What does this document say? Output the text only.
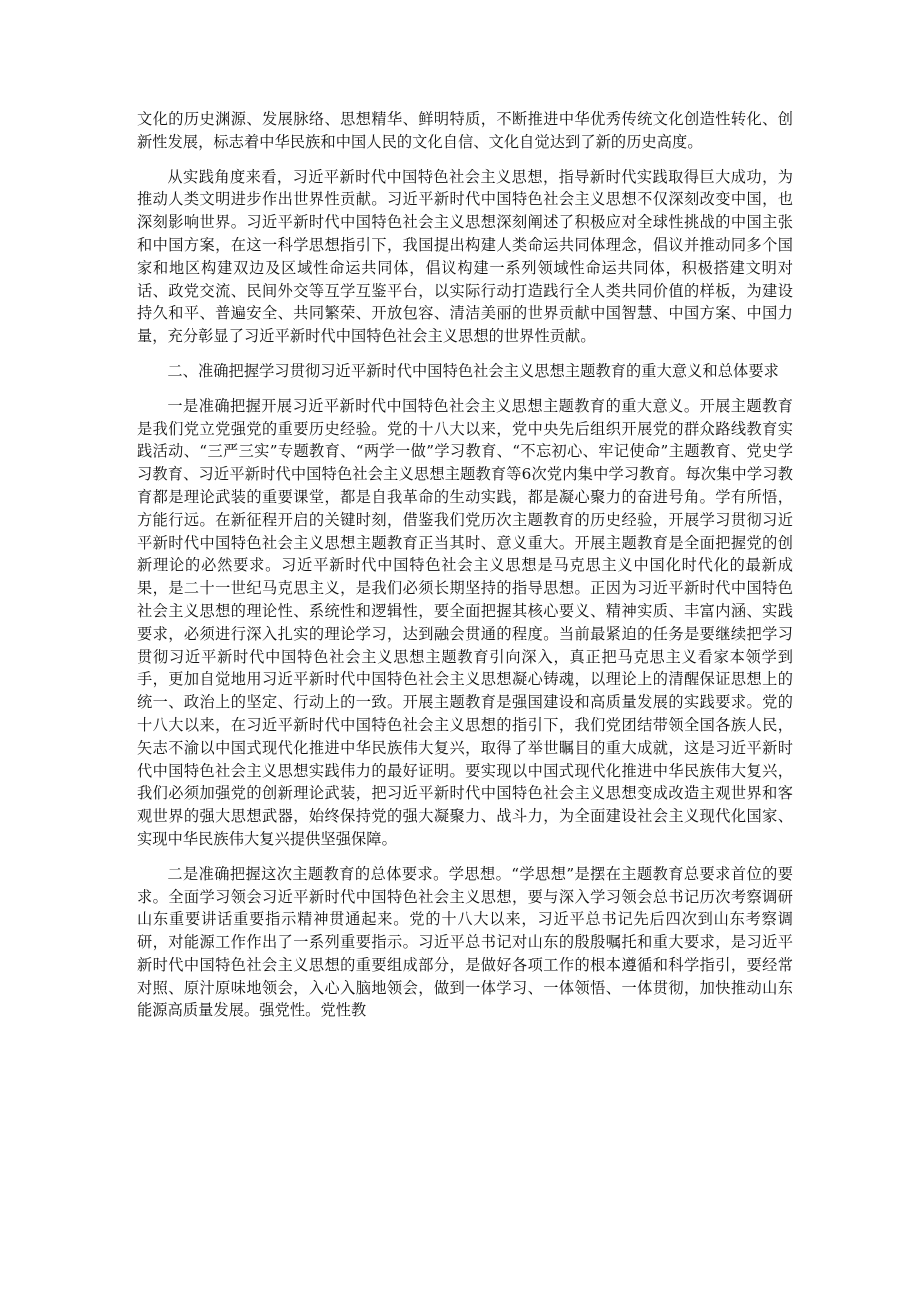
文化的历史渊源、发展脉络、思想精华、鲜明特质，不断推进中华优秀传统文化创造性转化、创新性发展，标志着中华民族和中国人民的文化自信、文化自觉达到了新的历史高度。

从实践角度来看，习近平新时代中国特色社会主义思想，指导新时代实践取得巨大成功，为推动人类文明进步作出世界性贡献。习近平新时代中国特色社会主义思想不仅深刻改变中国，也深刻影响世界。习近平新时代中国特色社会主义思想深刻阐述了积极应对全球性挑战的中国主张和中国方案，在这一科学思想指引下，我国提出构建人类命运共同体理念，倡议并推动同多个国家和地区构建双边及区域性命运共同体，倡议构建一系列领域性命运共同体，积极搭建文明对话、政党交流、民间外交等互学互鉴平台，以实际行动打造践行全人类共同价值的样板，为建设持久和平、普遍安全、共同繁荣、开放包容、清洁美丽的世界贡献中国智慧、中国方案、中国力量，充分彰显了习近平新时代中国特色社会主义思想的世界性贡献。

二、准确把握学习贯彻习近平新时代中国特色社会主义思想主题教育的重大意义和总体要求

一是准确把握开展习近平新时代中国特色社会主义思想主题教育的重大意义。开展主题教育是我们党立党强党的重要历史经验。党的十八大以来，党中央先后组织开展党的群众路线教育实践活动、“三严三实”专题教育、“两学一做”学习教育、“不忘初心、牢记使命”主题教育、党史学习教育、习近平新时代中国特色社会主义思想主题教育等6次党内集中学习教育。每次集中学习教育都是理论武装的重要课堂，都是自我革命的生动实践，都是凝心聚力的奋进号角。学有所悟，方能行远。在新征程开启的关键时刻，借鉴我们党历次主题教育的历史经验，开展学习贯彻习近平新时代中国特色社会主义思想主题教育正当其时、意义重大。开展主题教育是全面把握党的创新理论的必然要求。习近平新时代中国特色社会主义思想是马克思主义中国化时代化的最新成果，是二十一世纪马克思主义，是我们必须长期坚持的指导思想。正因为习近平新时代中国特色社会主义思想的理论性、系统性和逻辑性，要全面把握其核心要义、精神实质、丰富内涵、实践要求，必须进行深入扎实的理论学习，达到融会贯通的程度。当前最紧迫的任务是要继续把学习贯彻习近平新时代中国特色社会主义思想主题教育引向深入，真正把马克思主义看家本领学到手，更加自觉地用习近平新时代中国特色社会主义思想凝心铸魂，以理论上的清醒保证思想上的统一、政治上的坚定、行动上的一致。开展主题教育是强国建设和高质量发展的实践要求。党的十八大以来，在习近平新时代中国特色社会主义思想的指引下，我们党团结带领全国各族人民，矢志不渝以中国式现代化推进中华民族伟大复兴，取得了举世瞩目的重大成就，这是习近平新时代中国特色社会主义思想实践伟力的最好证明。要实现以中国式现代化推进中华民族伟大复兴，我们必须加强党的创新理论武装，把习近平新时代中国特色社会主义思想变成改造主观世界和客观世界的强大思想武器，始终保持党的强大凝聚力、战斗力，为全面建设社会主义现代化国家、实现中华民族伟大复兴提供坚强保障。

二是准确把握这次主题教育的总体要求。学思想。“学思想”是摆在主题教育总要求首位的要求。全面学习领会习近平新时代中国特色社会主义思想，要与深入学习领会总书记历次考察调研山东重要讲话重要指示精神贯通起来。党的十八大以来，习近平总书记先后四次到山东考察调研，对能源工作作出了一系列重要指示。习近平总书记对山东的殷殷嘱托和重大要求，是习近平新时代中国特色社会主义思想的重要组成部分，是做好各项工作的根本遵循和科学指引，要经常对照、原汁原味地领会，入心入脑地领会，做到一体学习、一体领悟、一体贯彻，加快推动山东能源高质量发展。强党性。党性教
